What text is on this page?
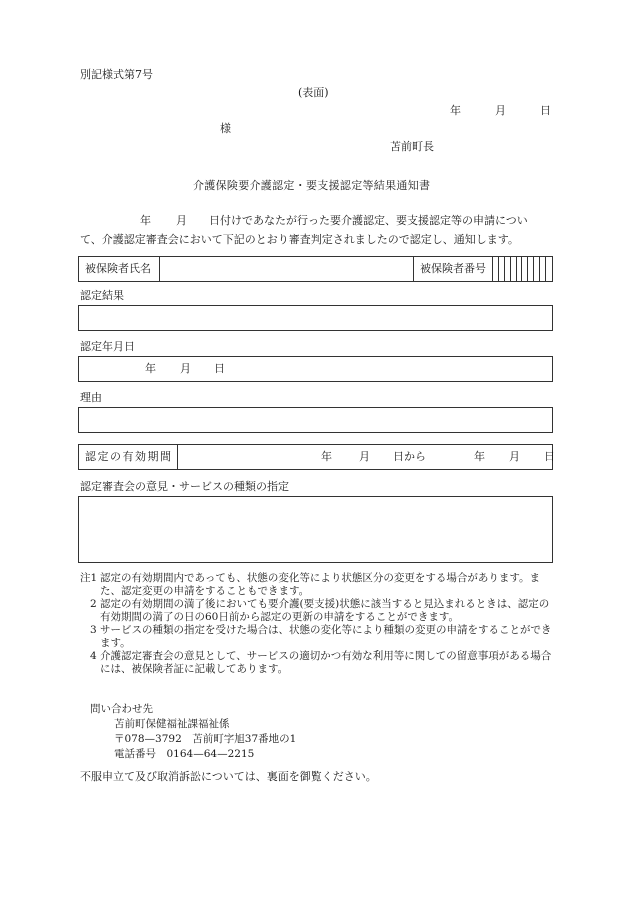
別記様式第7号
(表面)
年	月	日
様
苫前町長
介護保険要介護認定・要支援認定等結果通知書
年 月 日付けであなたが行った要介護認定、要支援認定等の申請につい
て、介護認定審査会において下記のとおり審査判定されましたので認定し、通知します。
被保険者氏名	被保険者番号
認定結果
認定年月日
年 月 日
理由
認定の有効期間	年 月 日から	年 月 日
認定審査会の意見・サービスの種類の指定
注1 認定の有効期間内であっても、状態の変化等により状態区分の変更をする場合があります。また、認定変更の申請をすることもできます。
2 認定の有効期間の満了後においても要介護(要支援)状態に該当すると見込まれるときは、認定の有効期間の満了の日の60日前から認定の更新の申請をすることができます。
3 サービスの種類の指定を受けた場合は、状態の変化等により種類の変更の申請をすることができます。
4 介護認定審査会の意見として、サービスの適切かつ有効な利用等に関しての留意事項がある場合には、被保険者証に記載してあります。
問い合わせ先
苫前町保健福祉課福祉係
〒078—3792　苫前町字旭37番地の1
電話番号　0164—64—2215
不服申立て及び取消訴訟については、裏面を御覧ください。
